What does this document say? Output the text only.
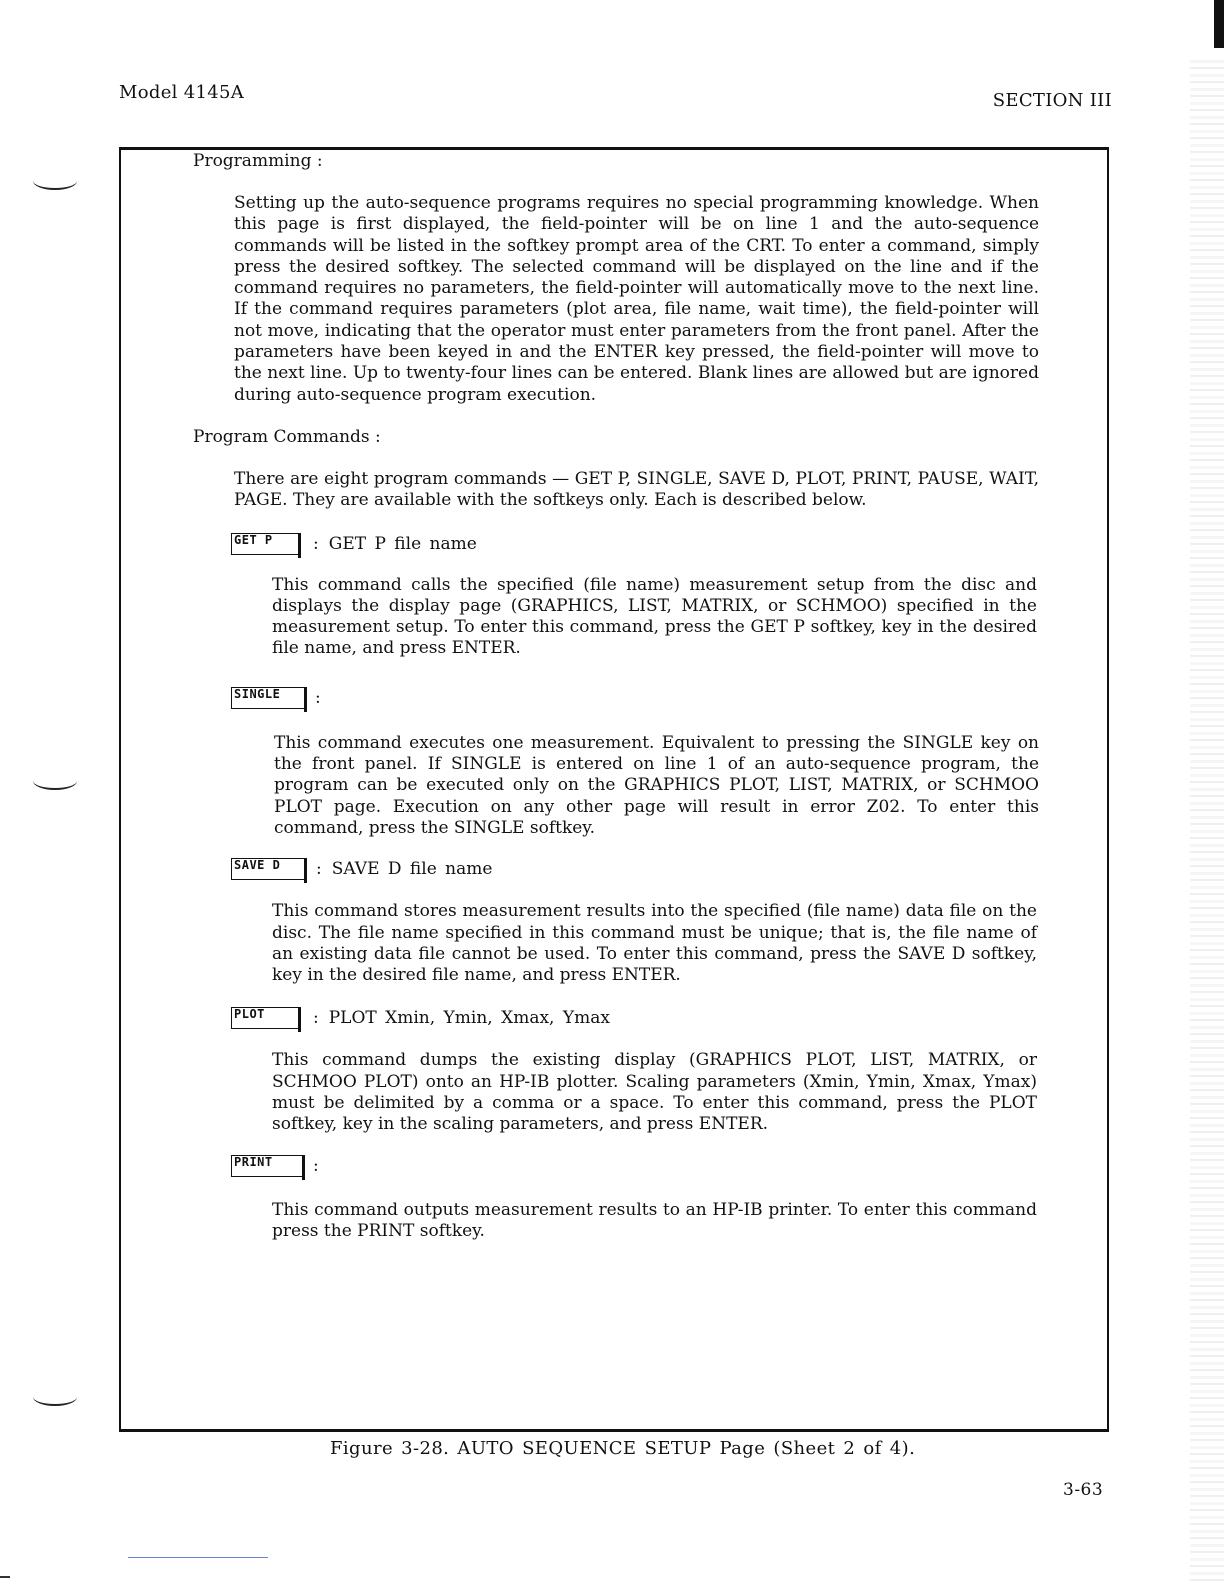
Model 4145A	SECTION III

Programming :

Setting up the auto-sequence programs requires no special programming knowledge. When this page is first displayed, the field-pointer will be on line 1 and the auto-sequence commands will be listed in the softkey prompt area of the CRT. To enter a command, simply press the desired softkey. The selected command will be displayed on the line and if the command requires no parameters, the field-pointer will automatically move to the next line. If the command requires parameters (plot area, file name, wait time), the field-pointer will not move, indicating that the operator must enter parameters from the front panel. After the parameters have been keyed in and the ENTER key pressed, the field-pointer will move to the next line. Up to twenty-four lines can be entered. Blank lines are allowed but are ignored during auto-sequence program execution.

Program Commands :

There are eight program commands — GET P, SINGLE, SAVE D, PLOT, PRINT, PAUSE, WAIT, PAGE. They are available with the softkeys only. Each is described below.

GET P	: GET P file name

This command calls the specified (file name) measurement setup from the disc and displays the display page (GRAPHICS, LIST, MATRIX, or SCHMOO) specified in the measurement setup. To enter this command, press the GET P softkey, key in the desired file name, and press ENTER.

SINGLE	:

This command executes one measurement. Equivalent to pressing the SINGLE key on the front panel. If SINGLE is entered on line 1 of an auto-sequence program, the program can be executed only on the GRAPHICS PLOT, LIST, MATRIX, or SCHMOO PLOT page. Execution on any other page will result in error Z02. To enter this command, press the SINGLE softkey.

SAVE D	: SAVE D file name

This command stores measurement results into the specified (file name) data file on the disc. The file name specified in this command must be unique; that is, the file name of an existing data file cannot be used. To enter this command, press the SAVE D softkey, key in the desired file name, and press ENTER.

PLOT	: PLOT Xmin, Ymin, Xmax, Ymax

This command dumps the existing display (GRAPHICS PLOT, LIST, MATRIX, or SCHMOO PLOT) onto an HP-IB plotter. Scaling parameters (Xmin, Ymin, Xmax, Ymax) must be delimited by a comma or a space. To enter this command, press the PLOT softkey, key in the scaling parameters, and press ENTER.

PRINT	:

This command outputs measurement results to an HP-IB printer. To enter this command press the PRINT softkey.

Figure 3-28. AUTO SEQUENCE SETUP Page (Sheet 2 of 4).
3-63
